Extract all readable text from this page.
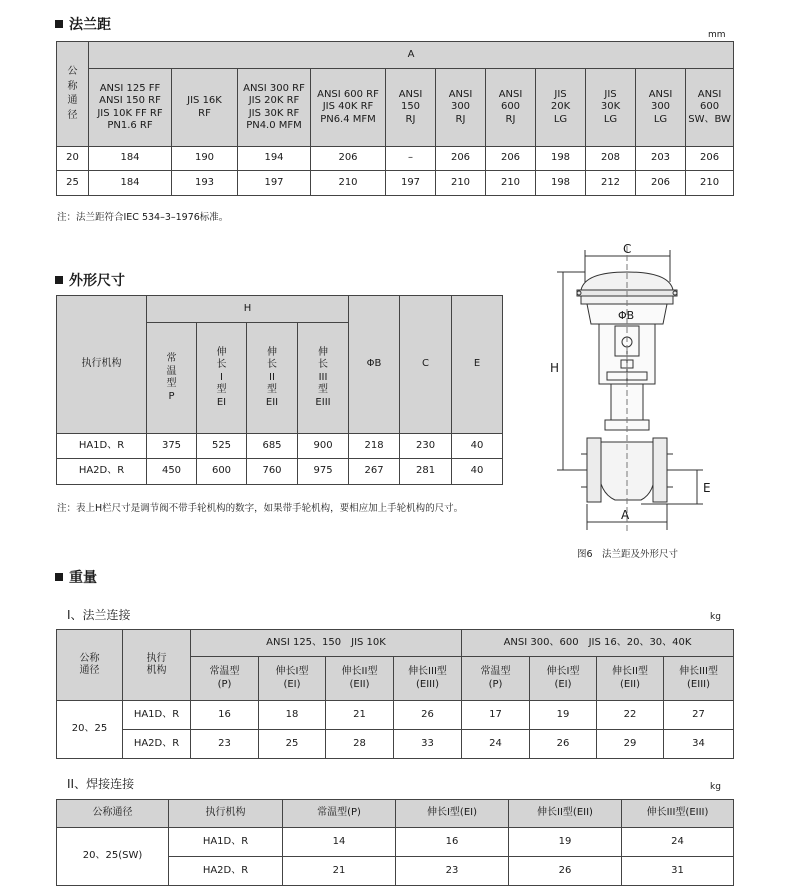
法兰距
mm
公
称
通
径	A										
	ANSI 125 FF
ANSI 150 RF
JIS 10K FF RF
PN1.6 RF	JIS 16K
RF	ANSI 300 RF
JIS 20K RF
JIS 30K RF
PN4.0 MFM	ANSI 600 RF
JIS 40K RF
PN6.4 MFM	ANSI
150
RJ	ANSI
300
RJ	ANSI
600
RJ	JIS
20K
LG	JIS
30K
LG	ANSI
300
LG	ANSI
600
SW、BW
20	184	190	194	206	–	206	206	198	208	203	206
25	184	193	197	210	197	210	210	198	212	206	210
注：法兰距符合IEC 534–3–1976标准。
外形尺寸
执行机构	H				ΦB	C	E
	常
温
型
P	伸
长
I
型
EI	伸
长
II
型
EII	伸
长
III
型
EIII			
HA1D、R	375	525	685	900	218	230	40
HA2D、R	450	600	760	975	267	281	40
注：表上H栏尺寸是调节阀不带手轮机构的数字，如果带手轮机构，要相应加上手轮机构的尺寸。
C
ΦB
H
E
A
图6　法兰距及外形尺寸
重量
I、法兰连接	kg
公称
通径	执行
机构	ANSI 125、150　JIS 10K				ANSI 300、600　JIS 16、20、30、40K			
		常温型
(P)	伸长I型
(EI)	伸长II型
(EII)	伸长III型
(EIII)	常温型
(P)	伸长I型
(EI)	伸长II型
(EII)	伸长III型
(EIII)
20、25	HA1D、R	16	18	21	26	17	19	22	27
	HA2D、R	23	25	28	33	24	26	29	34
II、焊接连接	kg
公称通径	执行机构	常温型(P)	伸长I型(EI)	伸长II型(EII)	伸长III型(EIII)
20、25(SW)	HA1D、R	14	16	19	24
	HA2D、R	21	23	26	31
